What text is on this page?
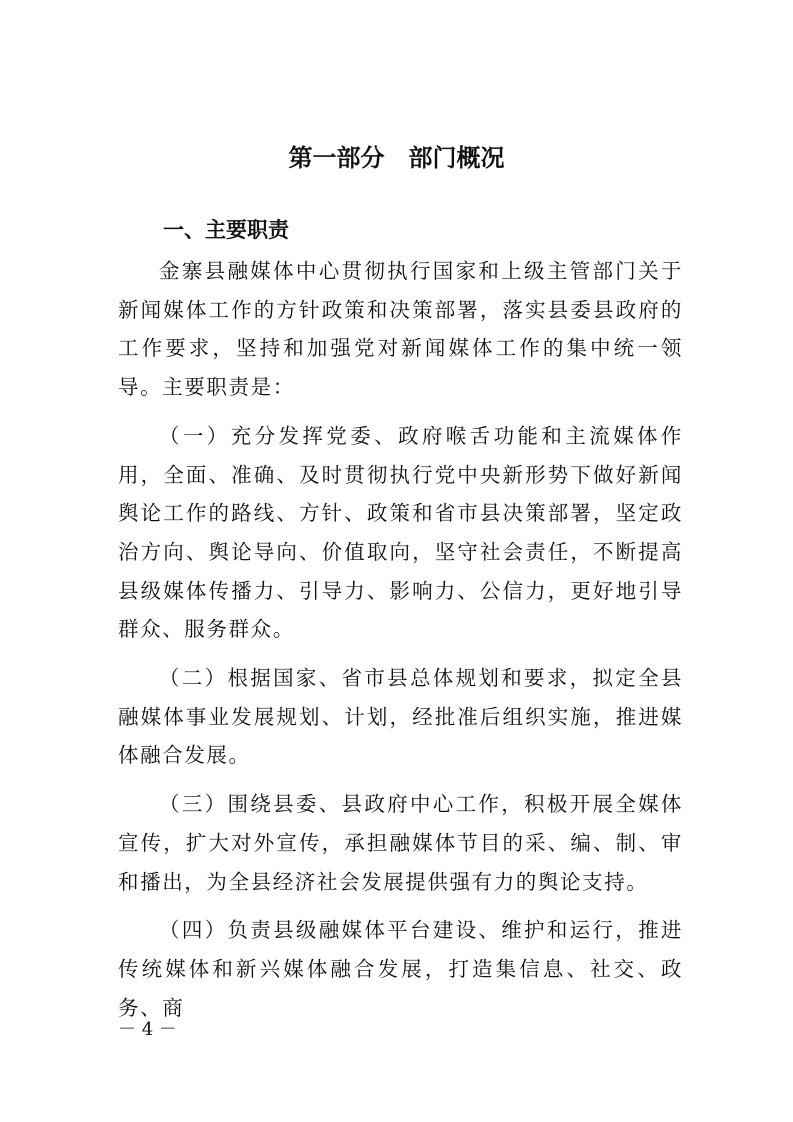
第一部分　部门概况
一、主要职责

金寨县融媒体中心贯彻执行国家和上级主管部门关于新闻媒体工作的方针政策和决策部署，落实县委县政府的工作要求，坚持和加强党对新闻媒体工作的集中统一领导。主要职责是：

（一）充分发挥党委、政府喉舌功能和主流媒体作用，全面、准确、及时贯彻执行党中央新形势下做好新闻舆论工作的路线、方针、政策和省市县决策部署，坚定政治方向、舆论导向、价值取向，坚守社会责任，不断提高县级媒体传播力、引导力、影响力、公信力，更好地引导群众、服务群众。

（二）根据国家、省市县总体规划和要求，拟定全县融媒体事业发展规划、计划，经批准后组织实施，推进媒体融合发展。

（三）围绕县委、县政府中心工作，积极开展全媒体宣传，扩大对外宣传，承担融媒体节目的采、编、制、审和播出，为全县经济社会发展提供强有力的舆论支持。

（四）负责县级融媒体平台建设、维护和运行，推进传统媒体和新兴媒体融合发展，打造集信息、社交、政务、商

－ 4 －
